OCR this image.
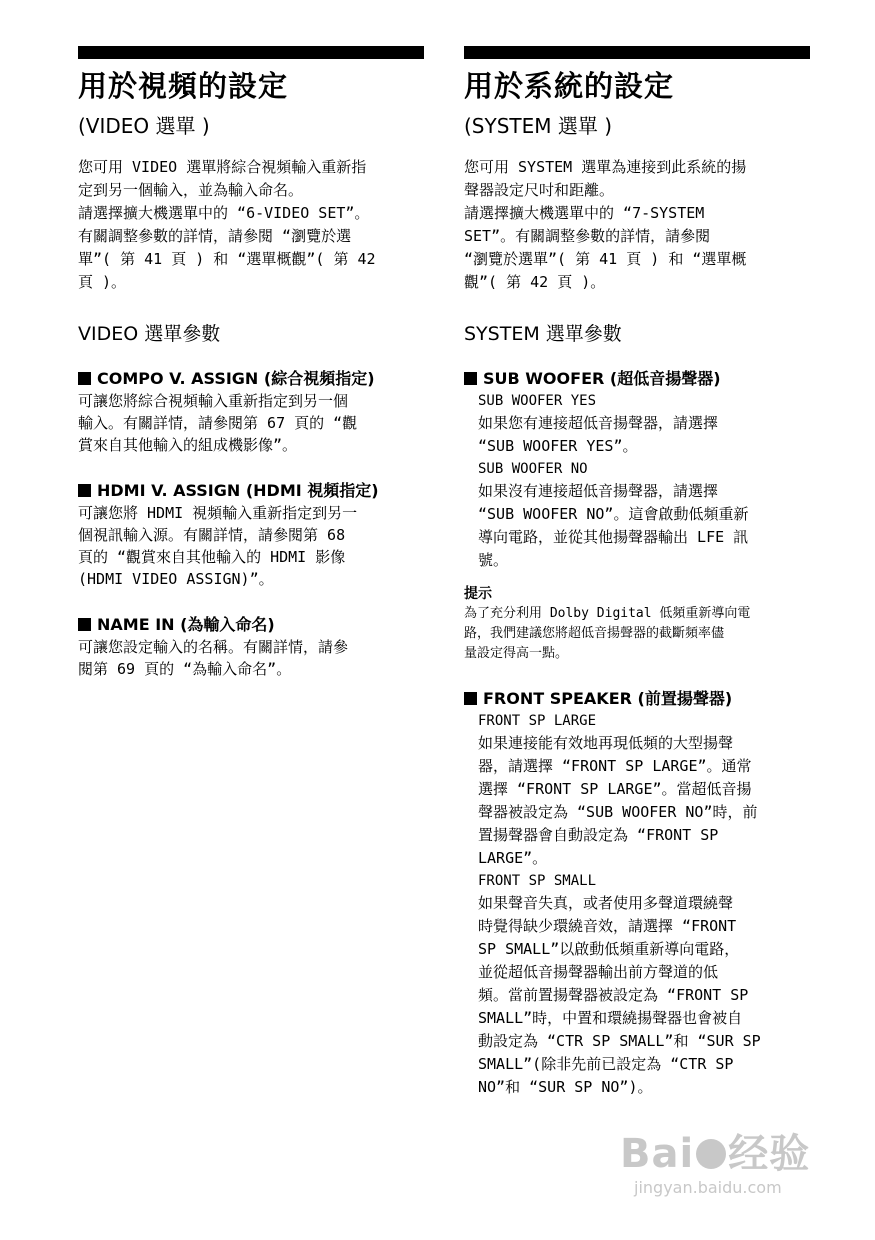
用於視頻的設定
(VIDEO 選單 )

您可用 VIDEO 選單將綜合視頻輸入重新指

定到另一個輸入，並為輸入命名。

請選擇擴大機選單中的 “6-VIDEO SET”。

有關調整參數的詳情，請參閱 “瀏覽於選

單”( 第 41 頁 ) 和 “選單概觀”( 第 42

頁 )。

VIDEO 選單參數
COMPO V. ASSIGN (綜合視頻指定)

可讓您將綜合視頻輸入重新指定到另一個

輸入。有關詳情，請參閱第 67 頁的 “觀

賞來自其他輸入的組成機影像”。

HDMI V. ASSIGN (HDMI 視頻指定)

可讓您將 HDMI 視頻輸入重新指定到另一

個視訊輸入源。有關詳情，請參閱第 68

頁的 “觀賞來自其他輸入的 HDMI 影像

(HDMI VIDEO ASSIGN)”。

NAME IN (為輸入命名)

可讓您設定輸入的名稱。有關詳情，請參

閱第 69 頁的 “為輸入命名”。

用於系統的設定
(SYSTEM 選單 )

您可用 SYSTEM 選單為連接到此系統的揚

聲器設定尺吋和距離。

請選擇擴大機選單中的 “7-SYSTEM

SET”。有關調整參數的詳情，請參閱

“瀏覽於選單”( 第 41 頁 ) 和 “選單概

觀”( 第 42 頁 )。

SYSTEM 選單參數
SUB WOOFER (超低音揚聲器)

SUB WOOFER YES

如果您有連接超低音揚聲器，請選擇

“SUB WOOFER YES”。

SUB WOOFER NO

如果沒有連接超低音揚聲器，請選擇

“SUB WOOFER NO”。這會啟動低頻重新

導向電路，並從其他揚聲器輸出 LFE 訊

號。

提示

為了充分利用 Dolby Digital 低頻重新導向電

路，我們建議您將超低音揚聲器的截斷頻率儘

量設定得高一點。

FRONT SPEAKER (前置揚聲器)

FRONT SP LARGE

如果連接能有效地再現低頻的大型揚聲

器，請選擇 “FRONT SP LARGE”。通常

選擇 “FRONT SP LARGE”。當超低音揚

聲器被設定為 “SUB WOOFER NO”時，前

置揚聲器會自動設定為 “FRONT SP

LARGE”。

FRONT SP SMALL

如果聲音失真，或者使用多聲道環繞聲

時覺得缺少環繞音效，請選擇 “FRONT

SP SMALL”以啟動低頻重新導向電路，

並從超低音揚聲器輸出前方聲道的低

頻。當前置揚聲器被設定為 “FRONT SP

SMALL”時，中置和環繞揚聲器也會被自

動設定為 “CTR SP SMALL”和 “SUR SP

SMALL”(除非先前已設定為 “CTR SP

NO”和 “SUR SP NO”)。

Bai 经验
jingyan.baidu.com
